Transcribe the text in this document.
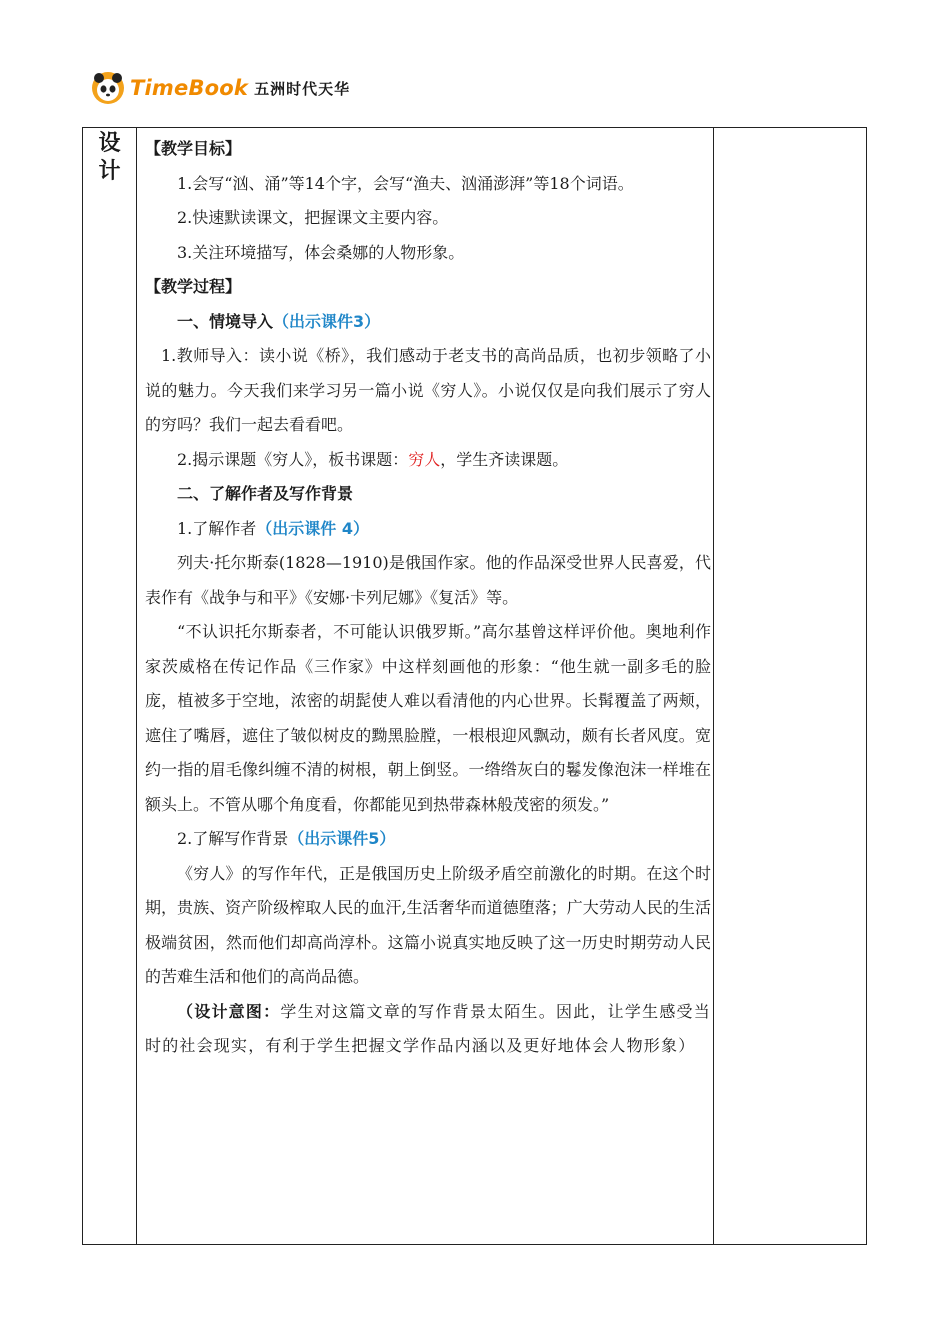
TimeBook 五洲时代天华
设
计

【教学目标】

1.会写“汹、涌”等14个字，会写“渔夫、汹涌澎湃”等18个词语。

2.快速默读课文，把握课文主要内容。

3.关注环境描写，体会桑娜的人物形象。

【教学过程】

一、情境导入（出示课件3）

1.教师导入：读小说《桥》，我们感动于老支书的高尚品质，也初步领略了小说的魅力。今天我们来学习另一篇小说《穷人》。小说仅仅是向我们展示了穷人的穷吗？我们一起去看看吧。

2.揭示课题《穷人》，板书课题：穷人，学生齐读课题。

二、了解作者及写作背景

1.了解作者（出示课件 4）

列夫·托尔斯泰(1828—1910)是俄国作家。他的作品深受世界人民喜爱，代表作有《战争与和平》《安娜·卡列尼娜》《复活》等。

“不认识托尔斯泰者，不可能认识俄罗斯。”高尔基曾这样评价他。奥地利作家茨威格在传记作品《三作家》中这样刻画他的形象：“他生就一副多毛的脸庞，植被多于空地，浓密的胡髭使人难以看清他的内心世界。长髯覆盖了两颊，遮住了嘴唇，遮住了皱似树皮的黝黑脸膛，一根根迎风飘动，颇有长者风度。宽约一指的眉毛像纠缠不清的树根，朝上倒竖。一绺绺灰白的鬈发像泡沫一样堆在额头上。不管从哪个角度看，你都能见到热带森林般茂密的须发。”

2.了解写作背景（出示课件5）

《穷人》的写作年代，正是俄国历史上阶级矛盾空前激化的时期。在这个时期，贵族、资产阶级榨取人民的血汗,生活奢华而道德堕落；广大劳动人民的生活极端贫困，然而他们却高尚淳朴。这篇小说真实地反映了这一历史时期劳动人民的苦难生活和他们的高尚品德。

（设计意图：学生对这篇文章的写作背景太陌生。因此，让学生感受当时的社会现实，有利于学生把握文学作品内涵以及更好地体会人物形象）
